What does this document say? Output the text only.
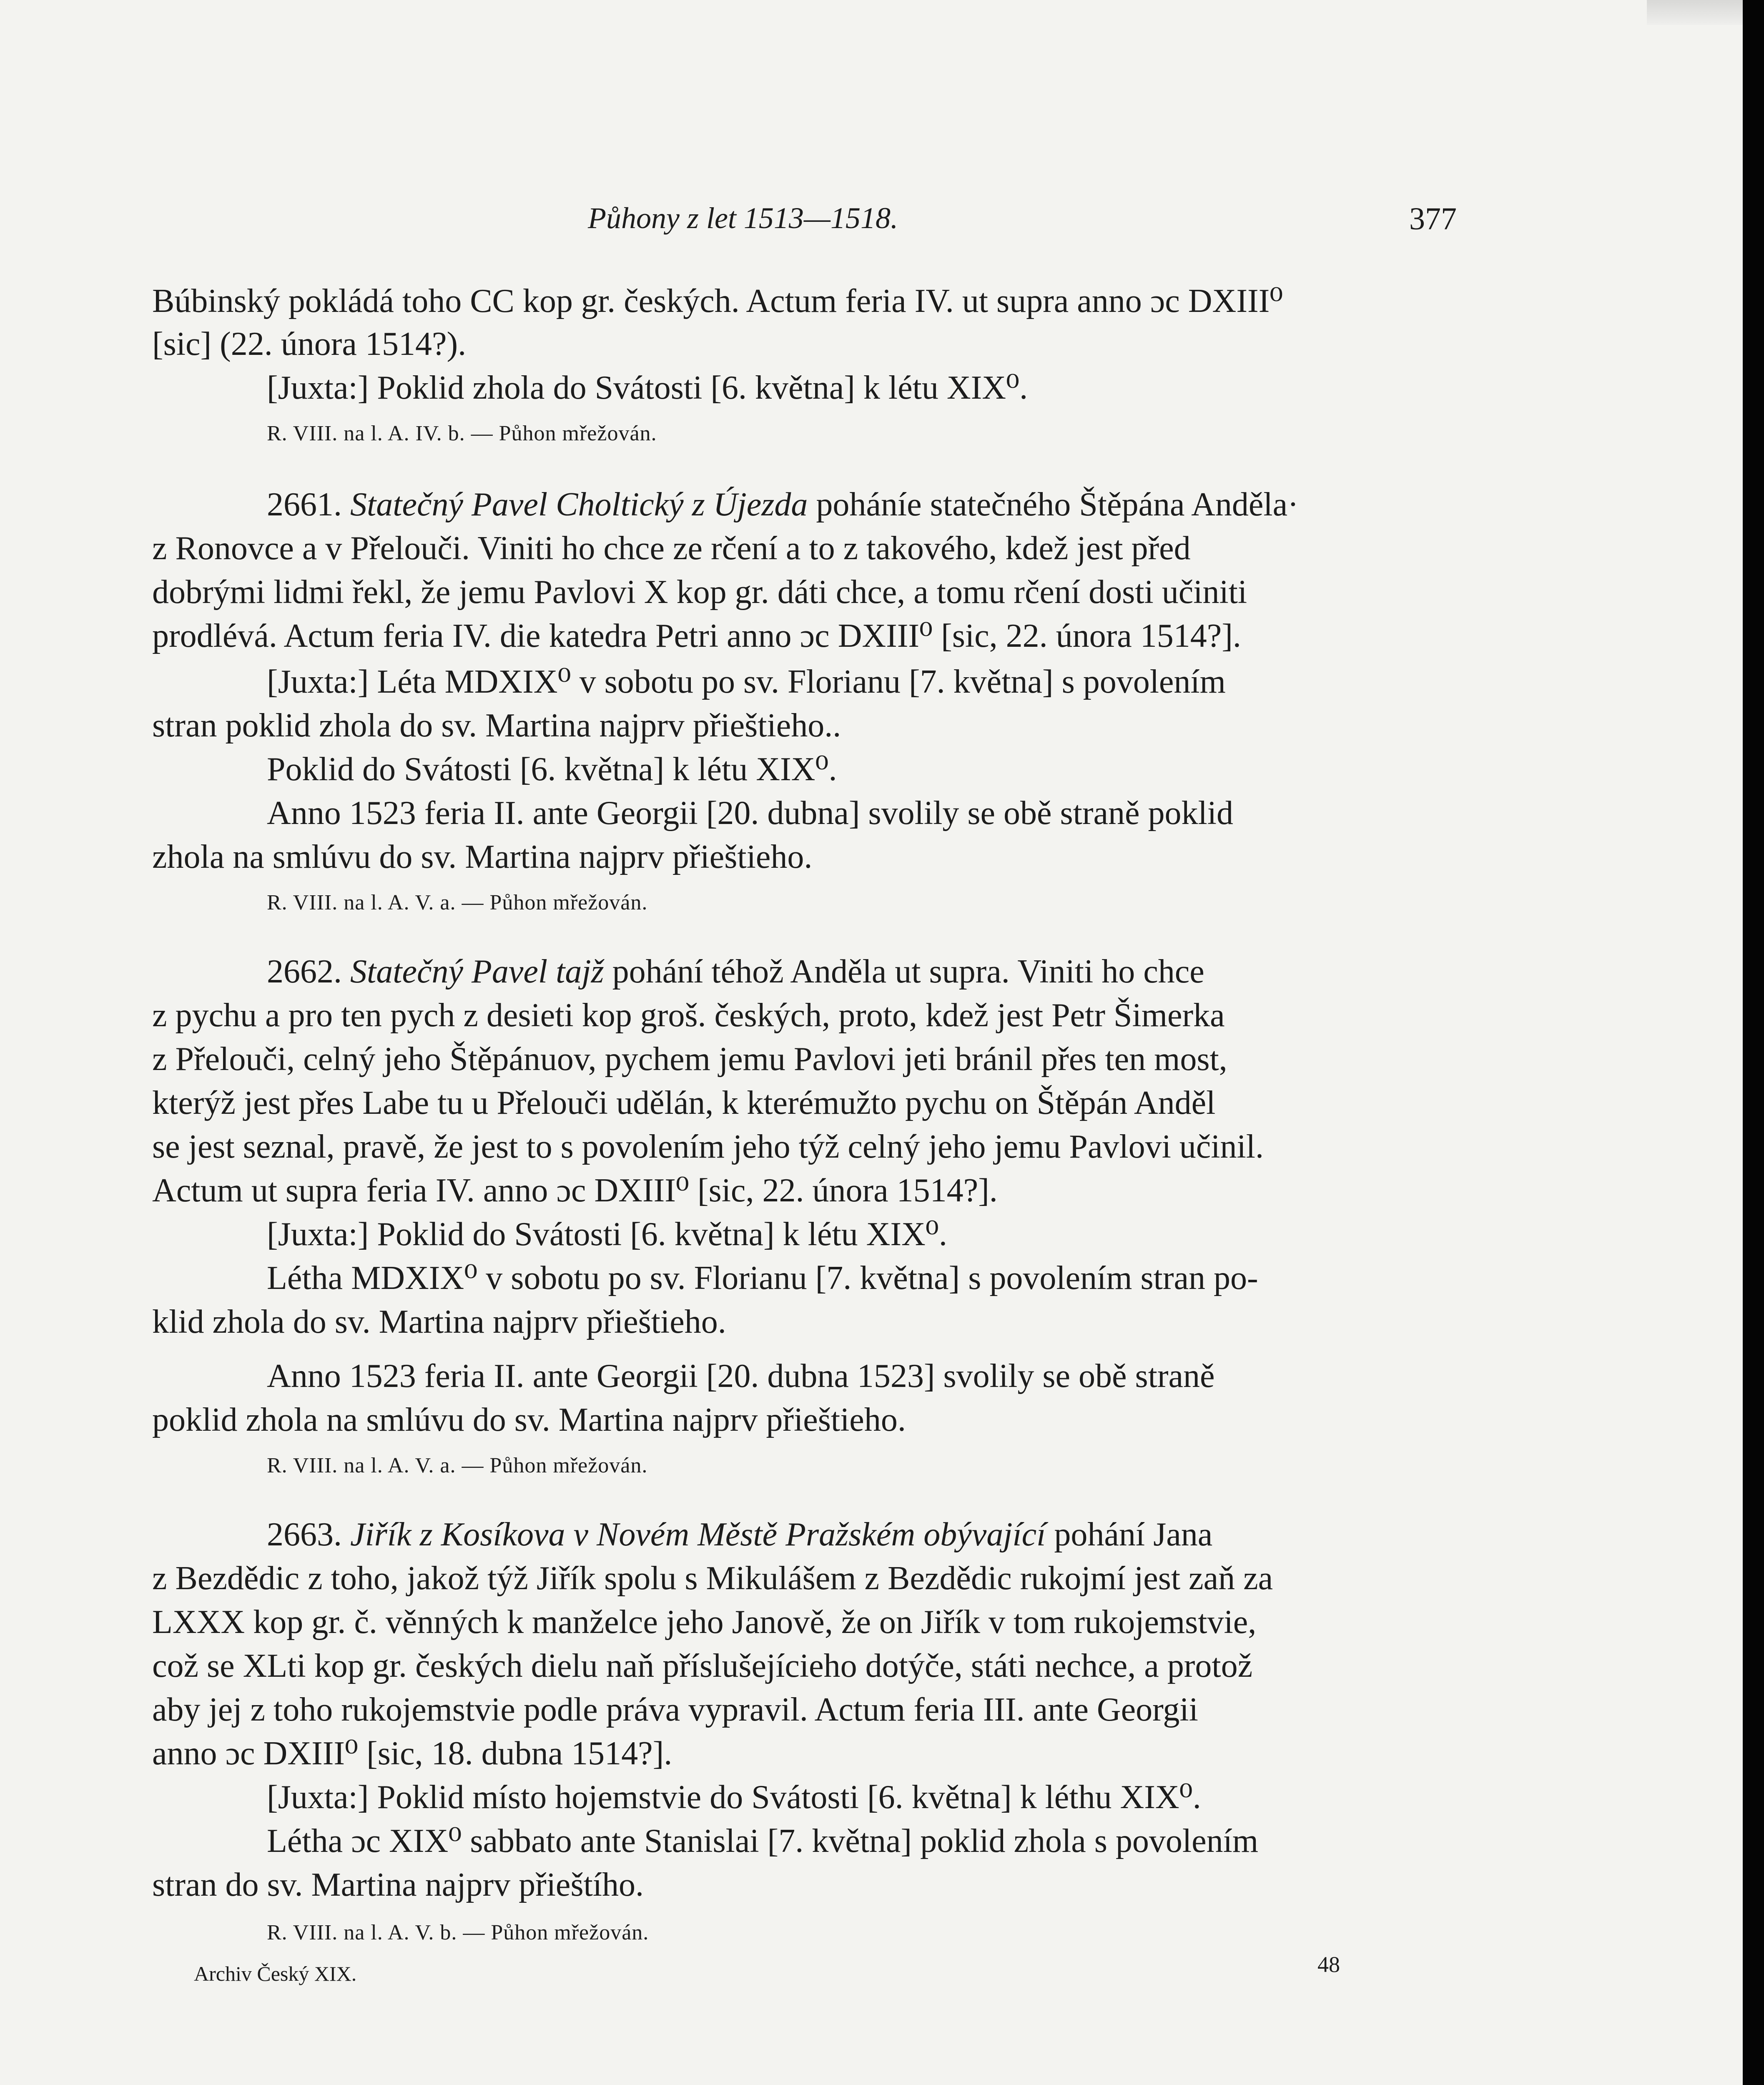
Půhony z let 1513—1518.	377
Búbinský pokládá toho CC kop gr. českých. Actum feria IV. ut supra anno ɔc DXIII⁰
[sic] (22. února 1514?).
[Juxta:] Poklid zhola do Svátosti [6. května] k létu XIX⁰.
R. VIII. na l. A. IV. b. — Půhon mřežován.
2661. Statečný Pavel Choltický z Újezda poháníe statečného Štěpána Anděla·
z Ronovce a v Přelouči. Viniti ho chce ze rčení a to z takového, kdež jest před
dobrými lidmi řekl, že jemu Pavlovi X kop gr. dáti chce, a tomu rčení dosti učiniti
prodlévá. Actum feria IV. die katedra Petri anno ɔc DXIII⁰ [sic, 22. února 1514?].
[Juxta:] Léta MDXIX⁰ v sobotu po sv. Florianu [7. května] s povolením
stran poklid zhola do sv. Martina najprv přieštieho..
Poklid do Svátosti [6. května] k létu XIX⁰.
Anno 1523 feria II. ante Georgii [20. dubna] svolily se obě straně poklid
zhola na smlúvu do sv. Martina najprv přieštieho.
R. VIII. na l. A. V. a. — Půhon mřežován.
2662. Statečný Pavel tajž pohání téhož Anděla ut supra. Viniti ho chce
z pychu a pro ten pych z desieti kop groš. českých, proto, kdež jest Petr Šimerka
z Přelouči, celný jeho Štěpánuov, pychem jemu Pavlovi jeti bránil přes ten most,
kterýž jest přes Labe tu u Přelouči udělán, k kterémužto pychu on Štěpán Anděl
se jest seznal, pravě, že jest to s povolením jeho týž celný jeho jemu Pavlovi učinil.
Actum ut supra feria IV. anno ɔc DXIII⁰ [sic, 22. února 1514?].
[Juxta:] Poklid do Svátosti [6. května] k létu XIX⁰.
Létha MDXIX⁰ v sobotu po sv. Florianu [7. května] s povolením stran po-
klid zhola do sv. Martina najprv přieštieho.
Anno 1523 feria II. ante Georgii [20. dubna 1523] svolily se obě straně
poklid zhola na smlúvu do sv. Martina najprv přieštieho.
R. VIII. na l. A. V. a. — Půhon mřežován.
2663. Jiřík z Kosíkova v Novém Městě Pražském obývající pohání Jana
z Bezdědic z toho, jakož týž Jiřík spolu s Mikulášem z Bezdědic rukojmí jest zaň za
LXXX kop gr. č. věnných k manželce jeho Janově, že on Jiřík v tom rukojemstvie,
což se XLti kop gr. českých dielu naň příslušejícieho dotýče, státi nechce, a protož
aby jej z toho rukojemstvie podle práva vypravil. Actum feria III. ante Georgii
anno ɔc DXIII⁰ [sic, 18. dubna 1514?].
[Juxta:] Poklid místo hojemstvie do Svátosti [6. května] k léthu XIX⁰.
Létha ɔc XIX⁰ sabbato ante Stanislai [7. května] poklid zhola s povolením
stran do sv. Martina najprv přieštího.
R. VIII. na l. A. V. b. — Půhon mřežován.
Archiv Český XIX.	48
